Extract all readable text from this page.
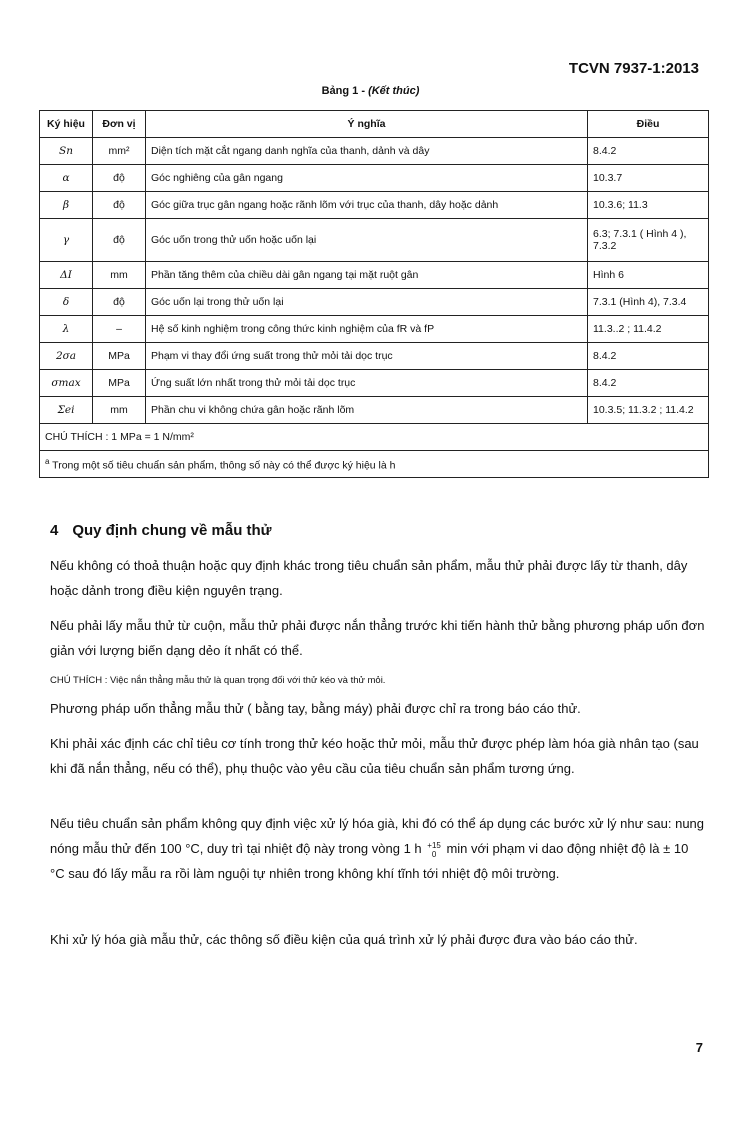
TCVN 7937-1:2013
Bảng 1 - (Kết thúc)
Ký hiệu	Đơn vị	Ý nghĩa	Điều
Sn	mm²	Diện tích mặt cắt ngang danh nghĩa của thanh, dảnh và dây	8.4.2
α	độ	Góc nghiêng của gân ngang	10.3.7
β	độ	Góc giữa trục gân ngang hoặc rãnh lõm với trục của thanh, dây hoặc dảnh	10.3.6; 11.3
γ	độ	Góc uốn trong thử uốn hoặc uốn lại	6.3; 7.3.1 ( Hình 4 ), 7.3.2
ΔI	mm	Phần tăng thêm của chiều dài gân ngang tại mặt ruột gân	Hình 6
δ	độ	Góc uốn lại trong thử uốn lại	7.3.1 (Hình 4), 7.3.4
λ	–	Hệ số kinh nghiệm trong công thức kinh nghiệm của fR và fP	11.3..2 ; 11.4.2
2σa	MPa	Phạm vi thay đổi ứng suất trong thử mỏi tải dọc trục	8.4.2
σmax	MPa	Ứng suất lớn nhất trong thử mỏi tải dọc trục	8.4.2
Σei	mm	Phần chu vi không chứa gân hoặc rãnh lõm	10.3.5; 11.3.2 ; 11.4.2
CHÚ THÍCH : 1 MPa = 1 N/mm²			
$^a$ Trong một số tiêu chuẩn sản phẩm, thông số này có thể được ký hiệu là h			
4 Quy định chung về mẫu thử
Nếu không có thoả thuận hoặc quy định khác trong tiêu chuẩn sản phẩm, mẫu thử phải được lấy từ thanh, dây hoặc dảnh trong điều kiện nguyên trạng.
Nếu phải lấy mẫu thử từ cuộn, mẫu thử phải được nắn thẳng trước khi tiến hành thử bằng phương pháp uốn đơn giản với lượng biến dạng dẻo ít nhất có thể.
CHÚ THÍCH : Việc nắn thẳng mẫu thử là quan trọng đối với thử kéo và thử mỏi.
Phương pháp uốn thẳng mẫu thử ( bằng tay, bằng máy) phải được chỉ ra trong báo cáo thử.
Khi phải xác định các chỉ tiêu cơ tính trong thử kéo hoặc thử mỏi, mẫu thử được phép làm hóa già nhân tạo (sau khi đã nắn thẳng, nếu có thể), phụ thuộc vào yêu cầu của tiêu chuẩn sản phẩm tương ứng.
Nếu tiêu chuẩn sản phẩm không quy định việc xử lý hóa già, khi đó có thể áp dụng các bước xử lý như sau: nung nóng mẫu thử đến 100 °C, duy trì tại nhiệt độ này trong vòng 1 h +15
0 min với phạm vi dao động nhiệt độ là ± 10 °C sau đó lấy mẫu ra rồi làm nguội tự nhiên trong không khí tĩnh tới nhiệt độ môi trường.
Khi xử lý hóa già mẫu thử, các thông số điều kiện của quá trình xử lý phải được đưa vào báo cáo thử.
7
